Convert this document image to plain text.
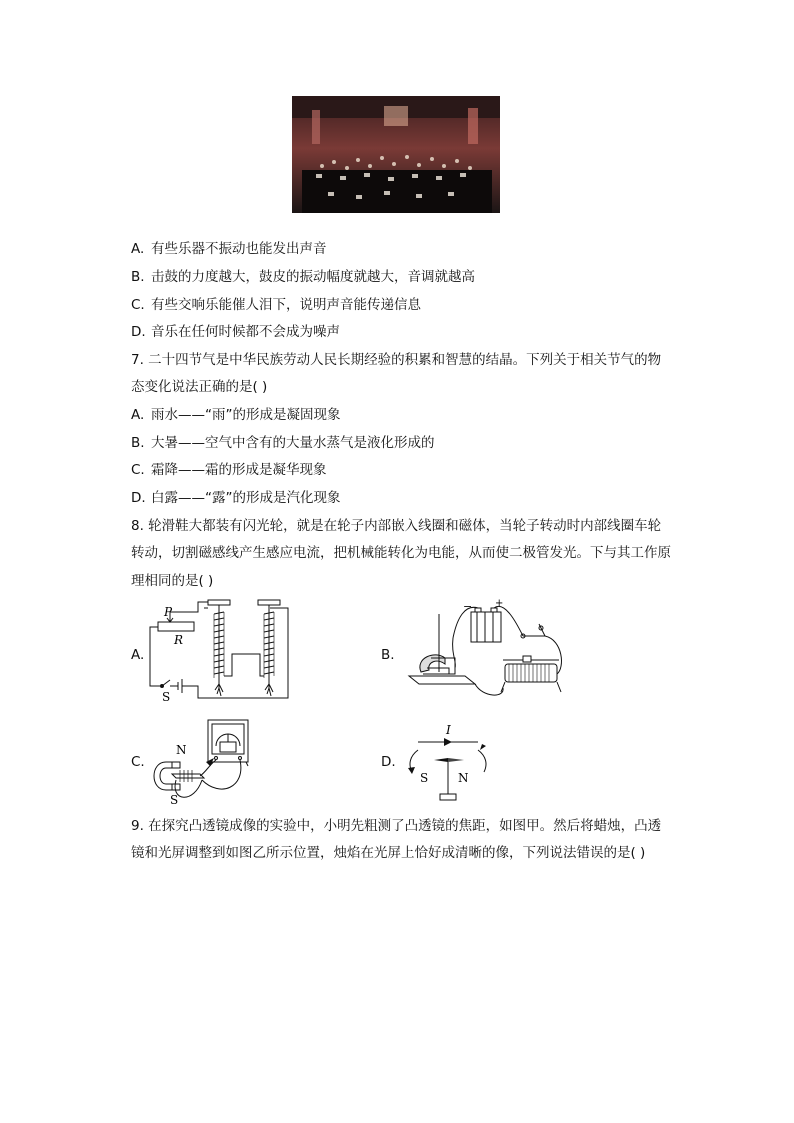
A. 有些乐器不振动也能发出声音
B. 击鼓的力度越大，鼓皮的振动幅度就越大，音调就越高
C. 有些交响乐能催人泪下，说明声音能传递信息
D. 音乐在任何时候都不会成为噪声
7. 二十四节气是中华民族劳动人民长期经验的积累和智慧的结晶。下列关于相关节气的物
态变化说法正确的是( )
A. 雨水——“雨”的形成是凝固现象
B. 大暑——空气中含有的大量水蒸气是液化形成的
C. 霜降——霜的形成是凝华现象
D. 白露——“露”的形成是汽化现象
8. 轮滑鞋大都装有闪光轮，就是在轮子内部嵌入线圈和磁体，当轮子转动时内部线圈车轮
转动，切割磁感线产生感应电流，把机械能转化为电能，从而使二极管发光。下与其工作原
理相同的是( )
A.	B.
C.	D.
P
R
S
− +
N
S
I
S N
9. 在探究凸透镜成像的实验中，小明先粗测了凸透镜的焦距，如图甲。然后将蜡烛，凸透
镜和光屏调整到如图乙所示位置，烛焰在光屏上恰好成清晰的像，下列说法错误的是( )
